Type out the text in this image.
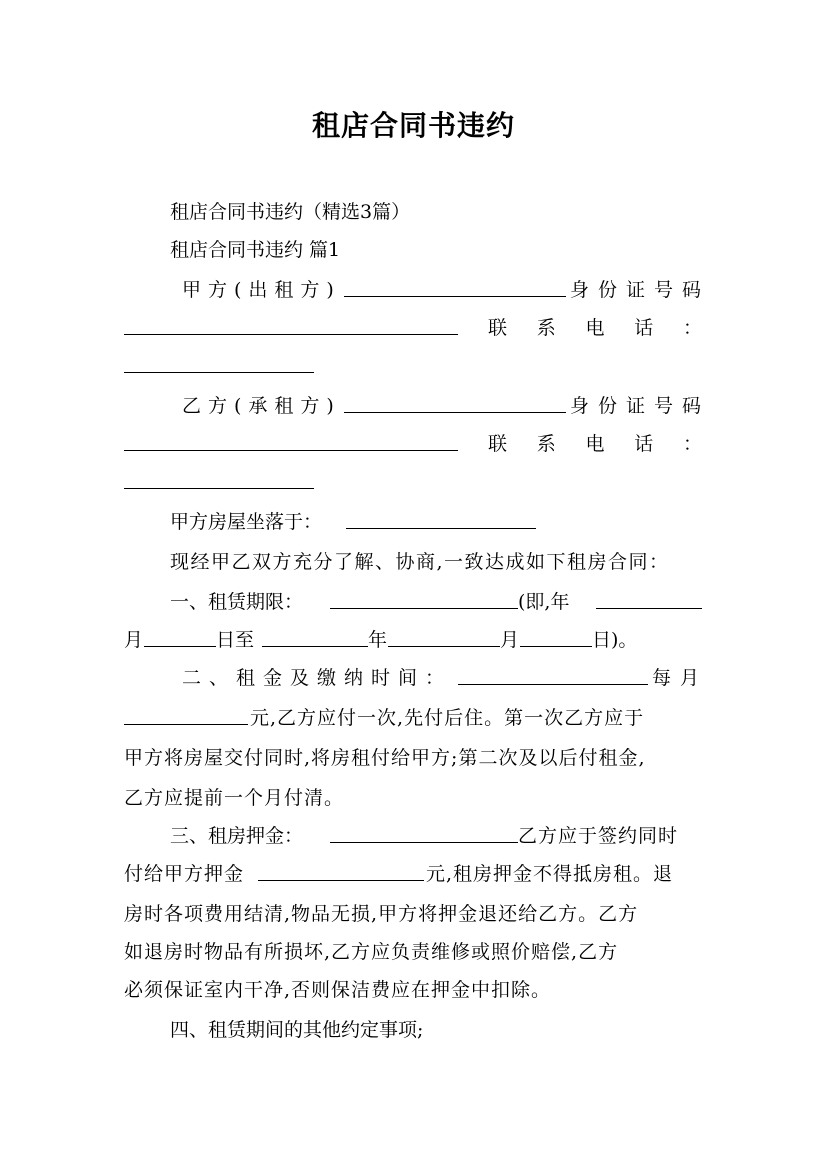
租店合同书违约
租店合同书违约（精选3篇）
租店合同书违约 篇1
甲方(出租方)	身份证号码
联 系 电 话 ：
乙方(承租方)	身份证号码
联 系 电 话 ：
甲方房屋坐落于：
现经甲乙双方充分了解、协商,一致达成如下租房合同：
一、租赁期限：	(即,年
月	日至	年	月	日)。
二、租金及缴纳时间：	每月
元,乙方应付一次,先付后住。第一次乙方应于
甲方将房屋交付同时,将房租付给甲方;第二次及以后付租金,
乙方应提前一个月付清。
三、租房押金：	乙方应于签约同时
付给甲方押金	元,租房押金不得抵房租。退
房时各项费用结清,物品无损,甲方将押金退还给乙方。乙方
如退房时物品有所损坏,乙方应负责维修或照价赔偿,乙方
必须保证室内干净,否则保洁费应在押金中扣除。
四、租赁期间的其他约定事项;
